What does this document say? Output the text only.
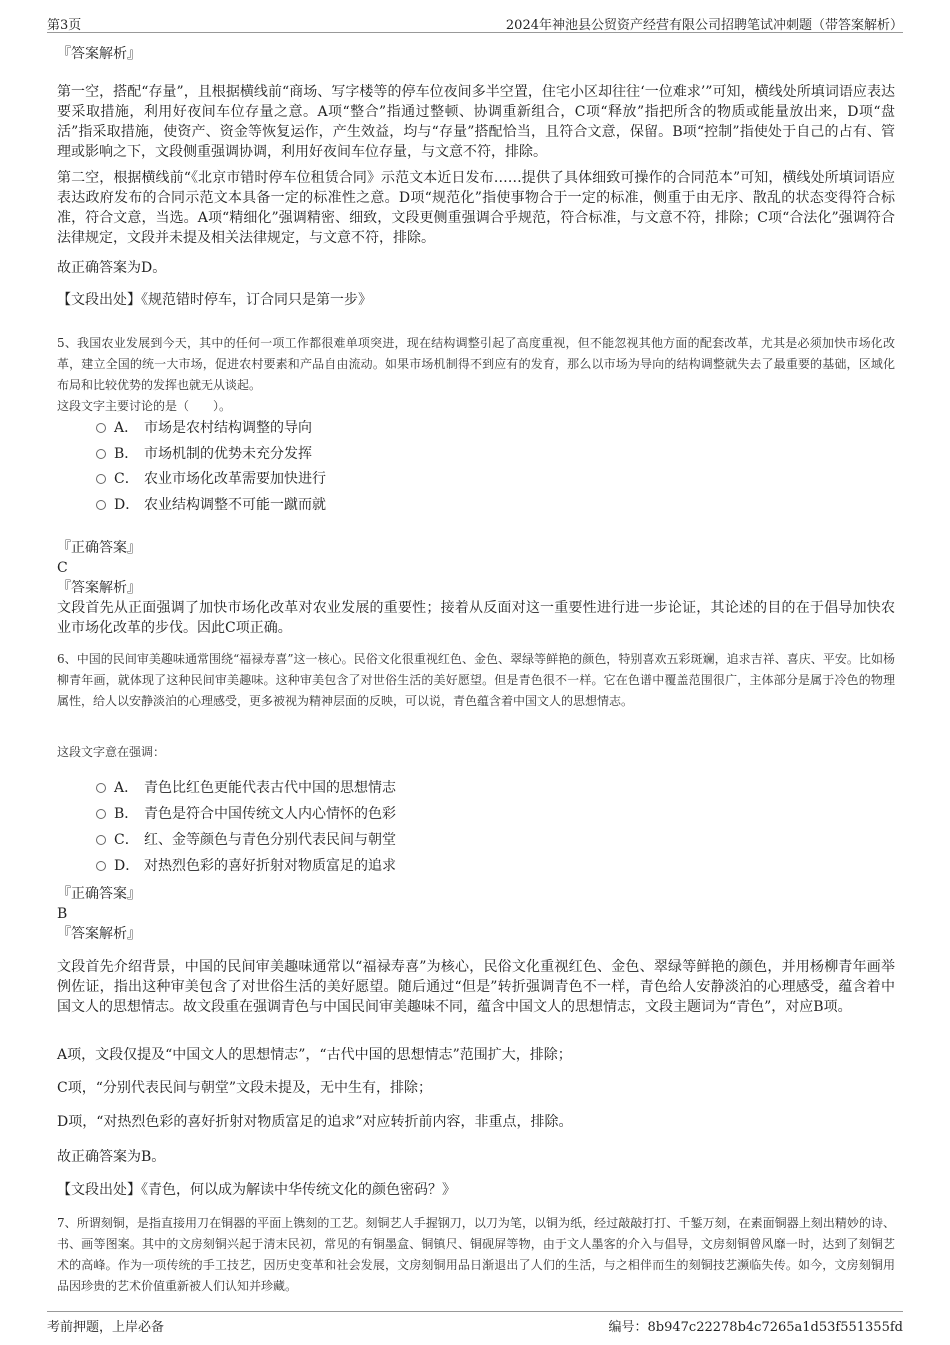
第3页	2024年神池县公贸资产经营有限公司招聘笔试冲刺题（带答案解析）

『答案解析』

第一空，搭配“存量”，且根据横线前“商场、写字楼等的停车位夜间多半空置，住宅小区却往往‘一位难求’”可知，横线处所填词语应表达要采取措施，利用好夜间车位存量之意。A项“整合”指通过整顿、协调重新组合，C项“释放”指把所含的物质或能量放出来，D项“盘活”指采取措施，使资产、资金等恢复运作，产生效益，均与“存量”搭配恰当，且符合文意，保留。B项“控制”指使处于自己的占有、管理或影响之下，文段侧重强调协调，利用好夜间车位存量，与文意不符，排除。

第二空，根据横线前“《北京市错时停车位租赁合同》示范文本近日发布……提供了具体细致可操作的合同范本”可知，横线处所填词语应表达政府发布的合同示范文本具备一定的标准性之意。D项“规范化”指使事物合于一定的标准，侧重于由无序、散乱的状态变得符合标准，符合文意，当选。A项“精细化”强调精密、细致，文段更侧重强调合乎规范，符合标准，与文意不符，排除；C项“合法化”强调符合法律规定，文段并未提及相关法律规定，与文意不符，排除。

故正确答案为D。

【文段出处】《规范错时停车，订合同只是第一步》

5、我国农业发展到今天，其中的任何一项工作都很难单项突进，现在结构调整引起了高度重视，但不能忽视其他方面的配套改革，尤其是必须加快市场化改革，建立全国的统一大市场，促进农村要素和产品自由流动。如果市场机制得不到应有的发育，那么以市场为导向的结构调整就失去了最重要的基础，区域化布局和比较优势的发挥也就无从谈起。

这段文字主要讨论的是（　　）。

A． 市场是农村结构调整的导向
B． 市场机制的优势未充分发挥
C． 农业市场化改革需要加快进行
D． 农业结构调整不可能一蹴而就

『正确答案』

C

『答案解析』

文段首先从正面强调了加快市场化改革对农业发展的重要性；接着从反面对这一重要性进行进一步论证，其论述的目的在于倡导加快农业市场化改革的步伐。因此C项正确。

6、中国的民间审美趣味通常围绕“福禄寿喜”这一核心。民俗文化很重视红色、金色、翠绿等鲜艳的颜色，特别喜欢五彩斑斓，追求吉祥、喜庆、平安。比如杨柳青年画，就体现了这种民间审美趣味。这种审美包含了对世俗生活的美好愿望。但是青色很不一样。它在色谱中覆盖范围很广，主体部分是属于冷色的物理属性，给人以安静淡泊的心理感受，更多被视为精神层面的反映，可以说，青色蕴含着中国文人的思想情志。

这段文字意在强调：

A． 青色比红色更能代表古代中国的思想情志
B． 青色是符合中国传统文人内心情怀的色彩
C． 红、金等颜色与青色分别代表民间与朝堂
D． 对热烈色彩的喜好折射对物质富足的追求

『正确答案』

B

『答案解析』

文段首先介绍背景，中国的民间审美趣味通常以“福禄寿喜”为核心，民俗文化重视红色、金色、翠绿等鲜艳的颜色，并用杨柳青年画举例佐证，指出这种审美包含了对世俗生活的美好愿望。随后通过“但是”转折强调青色不一样，青色给人安静淡泊的心理感受，蕴含着中国文人的思想情志。故文段重在强调青色与中国民间审美趣味不同，蕴含中国文人的思想情志，文段主题词为“青色”，对应B项。

A项，文段仅提及“中国文人的思想情志”，“古代中国的思想情志”范围扩大，排除；

C项，“分别代表民间与朝堂”文段未提及，无中生有，排除；

D项，“对热烈色彩的喜好折射对物质富足的追求”对应转折前内容，非重点，排除。

故正确答案为B。

【文段出处】《青色，何以成为解读中华传统文化的颜色密码？》

7、所谓刻铜，是指直接用刀在铜器的平面上镌刻的工艺。刻铜艺人手握钢刀，以刀为笔，以铜为纸，经过敲敲打打、千錾万刻，在素面铜器上刻出精妙的诗、书、画等图案。其中的文房刻铜兴起于清末民初，常见的有铜墨盒、铜镇尺、铜砚屏等物，由于文人墨客的介入与倡导，文房刻铜曾风靡一时，达到了刻铜艺术的高峰。作为一项传统的手工技艺，因历史变革和社会发展，文房刻铜用品日渐退出了人们的生活，与之相伴而生的刻铜技艺濒临失传。如今，文房刻铜用品因珍贵的艺术价值重新被人们认知并珍藏。

考前押题，上岸必备	编号：8b947c22278b4c7265a1d53f551355fd
